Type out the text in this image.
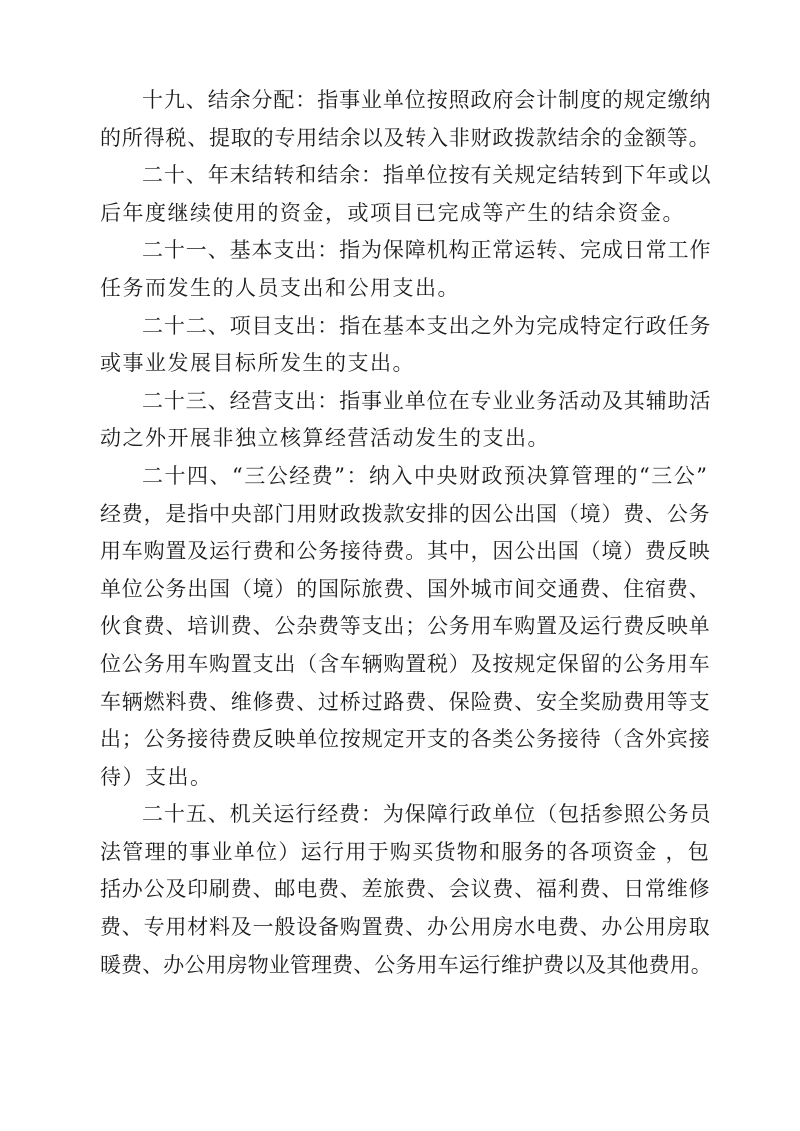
十九、结余分配：指事业单位按照政府会计制度的规定缴纳
的所得税、提取的专用结余以及转入非财政拨款结余的金额等。
二十、年末结转和结余：指单位按有关规定结转到下年或以
后年度继续使用的资金，或项目已完成等产生的结余资金。
二十一、基本支出：指为保障机构正常运转、完成日常工作
任务而发生的人员支出和公用支出。
二十二、项目支出：指在基本支出之外为完成特定行政任务
或事业发展目标所发生的支出。
二十三、经营支出：指事业单位在专业业务活动及其辅助活
动之外开展非独立核算经营活动发生的支出。
二十四、“三公经费”：纳入中央财政预决算管理的“三公”
经费，是指中央部门用财政拨款安排的因公出国（境）费、公务
用车购置及运行费和公务接待费。其中，因公出国（境）费反映
单位公务出国（境）的国际旅费、国外城市间交通费、住宿费、
伙食费、培训费、公杂费等支出；公务用车购置及运行费反映单
位公务用车购置支出（含车辆购置税）及按规定保留的公务用车
车辆燃料费、维修费、过桥过路费、保险费、安全奖励费用等支
出；公务接待费反映单位按规定开支的各类公务接待（含外宾接
待）支出。
二十五、机关运行经费：为保障行政单位（包括参照公务员
法管理的事业单位）运行用于购买货物和服务的各项资金 ，包
括办公及印刷费、邮电费、差旅费、会议费、福利费、日常维修
费、专用材料及一般设备购置费、办公用房水电费、办公用房取
暖费、办公用房物业管理费、公务用车运行维护费以及其他费用。
